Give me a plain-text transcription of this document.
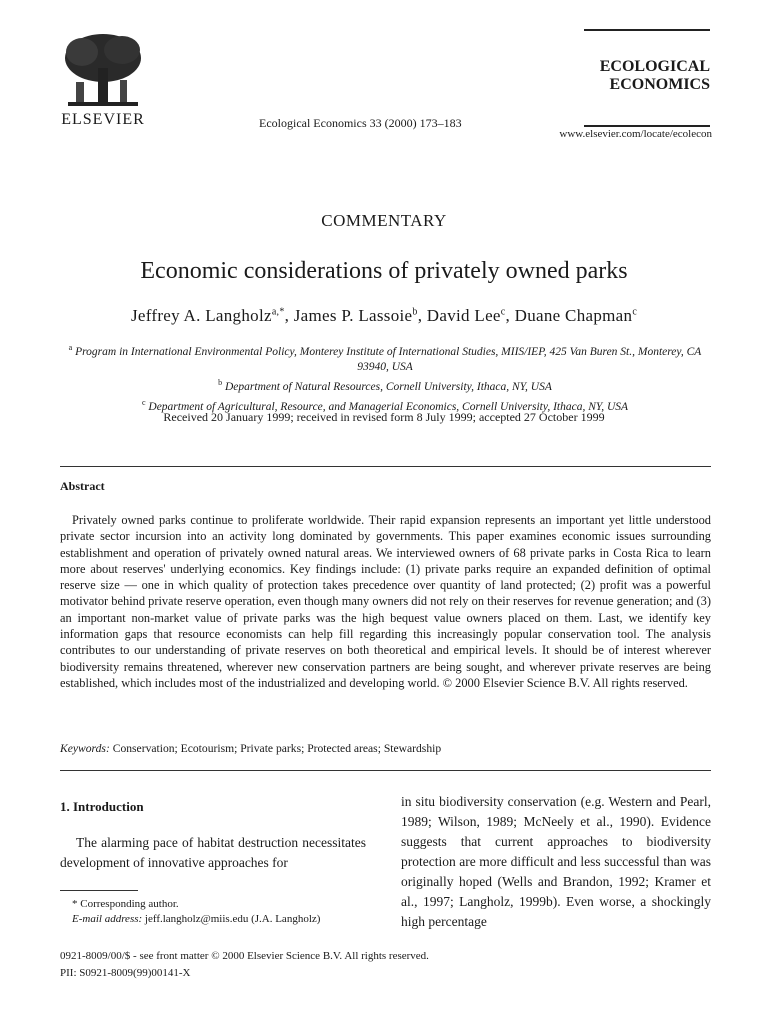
ELSEVIER	Ecological Economics 33 (2000) 173–183
ECOLOGICAL
ECONOMICS
www.elsevier.com/locate/ecolecon
COMMENTARY
Economic considerations of privately owned parks
Jeffrey A. Langholz$^{a,*}$, James P. Lassoie$^b$, David Lee$^c$, Duane Chapman$^c$
$^a$ Program in International Environmental Policy, Monterey Institute of International Studies, MIIS/IEP, 425 Van Buren St., Monterey, CA 93940, USA
$^b$ Department of Natural Resources, Cornell University, Ithaca, NY, USA
$^c$ Department of Agricultural, Resource, and Managerial Economics, Cornell University, Ithaca, NY, USA
Received 20 January 1999; received in revised form 8 July 1999; accepted 27 October 1999
Abstract
Privately owned parks continue to proliferate worldwide. Their rapid expansion represents an important yet little understood private sector incursion into an activity long dominated by governments. This paper examines economic issues surrounding establishment and operation of privately owned natural areas. We interviewed owners of 68 private parks in Costa Rica to learn more about reserves' underlying economics. Key findings include: (1) private parks require an expanded definition of optimal reserve size — one in which quality of protection takes precedence over quantity of land protected; (2) profit was a powerful motivator behind private reserve operation, even though many owners did not rely on their reserves for revenue generation; and (3) an important non-market value of private parks was the high bequest value owners placed on them. Last, we identify key information gaps that resource economists can help fill regarding this increasingly popular conservation tool. The analysis contributes to our understanding of private reserves on both theoretical and empirical levels. It should be of interest wherever biodiversity remains threatened, wherever new conservation partners are being sought, and wherever private reserves are being established, which includes most of the industrialized and developing world. © 2000 Elsevier Science B.V. All rights reserved.
Keywords: Conservation; Ecotourism; Private parks; Protected areas; Stewardship
1. Introduction
The alarming pace of habitat destruction necessitates development of innovative approaches for
in situ biodiversity conservation (e.g. Western and Pearl, 1989; Wilson, 1989; McNeely et al., 1990). Evidence suggests that current approaches to biodiversity protection are more difficult and less successful than was originally hoped (Wells and Brandon, 1992; Kramer et al., 1997; Langholz, 1999b). Even worse, a shockingly high percentage
* Corresponding author.
E-mail address: jeff.langholz@miis.edu (J.A. Langholz)
0921-8009/00/$ - see front matter © 2000 Elsevier Science B.V. All rights reserved.
PII: S0921-8009(99)00141-X
